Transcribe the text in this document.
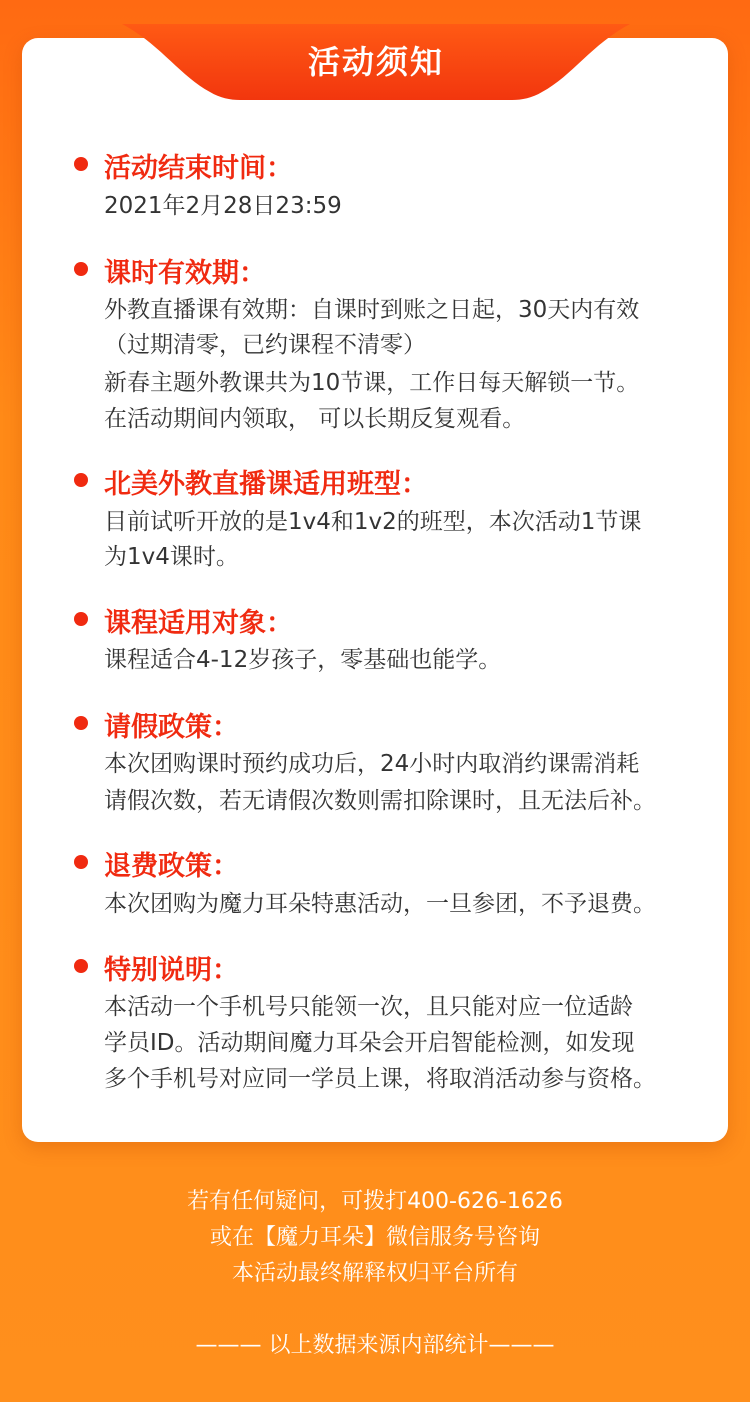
活动须知
活动结束时间：
2021年2月28日23:59
课时有效期：
外教直播课有效期：自课时到账之日起，30天内有效
（过期清零，已约课程不清零）
新春主题外教课共为10节课，工作日每天解锁一节。
在活动期间内领取， 可以长期反复观看。
北美外教直播课适用班型：
目前试听开放的是1v4和1v2的班型，本次活动1节课
为1v4课时。
课程适用对象：
课程适合4-12岁孩子，零基础也能学。
请假政策：
本次团购课时预约成功后，24小时内取消约课需消耗
请假次数，若无请假次数则需扣除课时，且无法后补。
退费政策：
本次团购为魔力耳朵特惠活动，一旦参团，不予退费。
特别说明：
本活动一个手机号只能领一次，且只能对应一位适龄
学员ID。活动期间魔力耳朵会开启智能检测，如发现
多个手机号对应同一学员上课，将取消活动参与资格。
若有任何疑问，可拨打400-626-1626
或在【魔力耳朵】微信服务号咨询
本活动最终解释权归平台所有
——— 以上数据来源内部统计———
